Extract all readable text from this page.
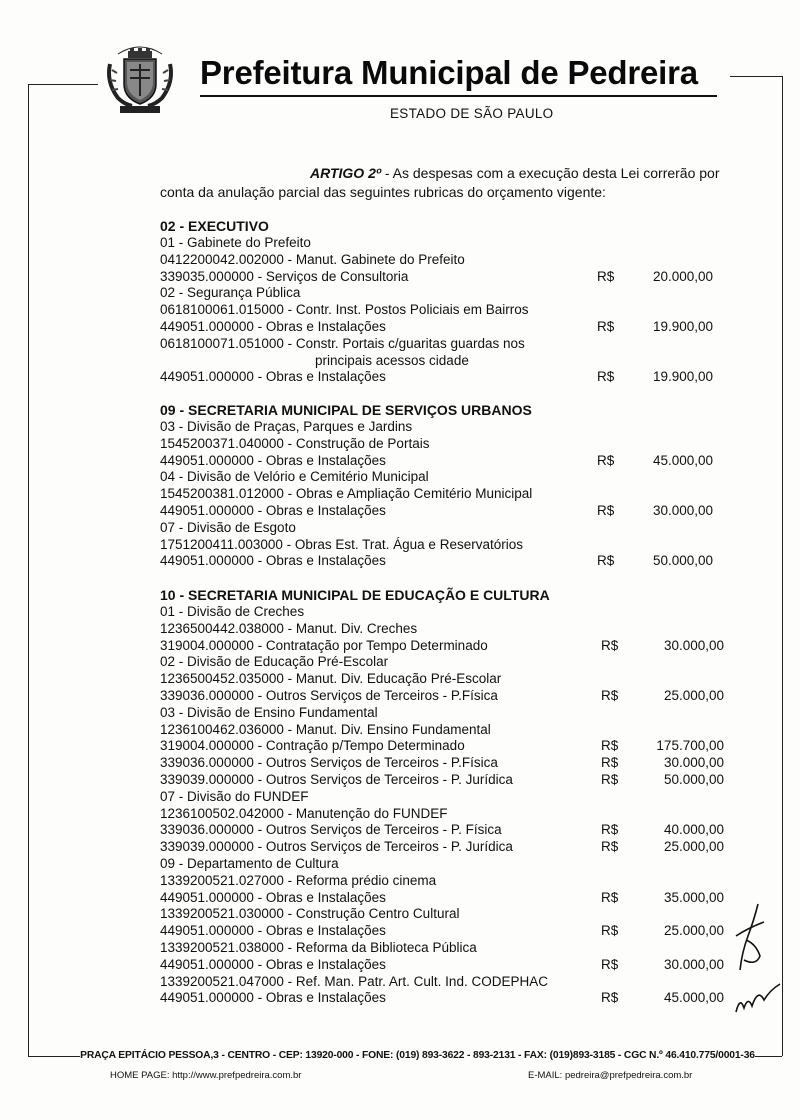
Prefeitura Municipal de Pedreira
ESTADO DE SÃO PAULO

ARTIGO 2º - As despesas com a execução desta Lei correrão por conta da anulação parcial das seguintes rubricas do orçamento vigente:

02 - EXECUTIVO
01 - Gabinete do Prefeito
0412200042.002000 - Manut. Gabinete do Prefeito
339035.000000 - Serviços de Consultoria	R$	20.000,00
02 - Segurança Pública
0618100061.015000 - Contr. Inst. Postos Policiais em Bairros
449051.000000 - Obras e Instalações	R$	19.900,00
0618100071.051000 - Constr. Portais c/guaritas guardas nos
principais acessos cidade
449051.000000 - Obras e Instalações	R$	19.900,00
09 - SECRETARIA MUNICIPAL DE SERVIÇOS URBANOS
03 - Divisão de Praças, Parques e Jardins
1545200371.040000 - Construção de Portais
449051.000000 - Obras e Instalações	R$	45.000,00
04 - Divisão de Velório e Cemitério Municipal
1545200381.012000 - Obras e Ampliação Cemitério Municipal
449051.000000 - Obras e Instalações	R$	30.000,00
07 - Divisão de Esgoto
1751200411.003000 - Obras Est. Trat. Água e Reservatórios
449051.000000 - Obras e Instalações	R$	50.000,00
10 - SECRETARIA MUNICIPAL DE EDUCAÇÃO E CULTURA
01 - Divisão de Creches
1236500442.038000 - Manut. Div. Creches
319004.000000 - Contratação por Tempo Determinado	R$	30.000,00
02 - Divisão de Educação Pré-Escolar
1236500452.035000 - Manut. Div. Educação Pré-Escolar
339036.000000 - Outros Serviços de Terceiros - P.Física	R$	25.000,00
03 - Divisão de Ensino Fundamental
1236100462.036000 - Manut. Div. Ensino Fundamental
319004.000000 - Contração p/Tempo Determinado	R$	175.700,00
339036.000000 - Outros Serviços de Terceiros - P.Física	R$	30.000,00
339039.000000 - Outros Serviços de Terceiros - P. Jurídica	R$	50.000,00
07 - Divisão do FUNDEF
1236100502.042000 - Manutenção do FUNDEF
339036.000000 - Outros Serviços de Terceiros - P. Física	R$	40.000,00
339039.000000 - Outros Serviços de Terceiros - P. Jurídica	R$	25.000,00
09 - Departamento de Cultura
1339200521.027000 - Reforma prédio cinema
449051.000000 - Obras e Instalações	R$	35.000,00
1339200521.030000 - Construção Centro Cultural
449051.000000 - Obras e Instalações	R$	25.000,00
1339200521.038000 - Reforma da Biblioteca Pública
449051.000000 - Obras e Instalações	R$	30.000,00
1339200521.047000 - Ref. Man. Patr. Art. Cult. Ind. CODEPHAC
449051.000000 - Obras e Instalações	R$	45.000,00
PRAÇA EPITÁCIO PESSOA,3 - CENTRO - CEP: 13920-000 - FONE: (019) 893-3622 - 893-2131 - FAX: (019)893-3185 - CGC N.º 46.410.775/0001-36
HOME PAGE: http://www.prefpedreira.com.br	E-MAIL: pedreira@prefpedreira.com.br
